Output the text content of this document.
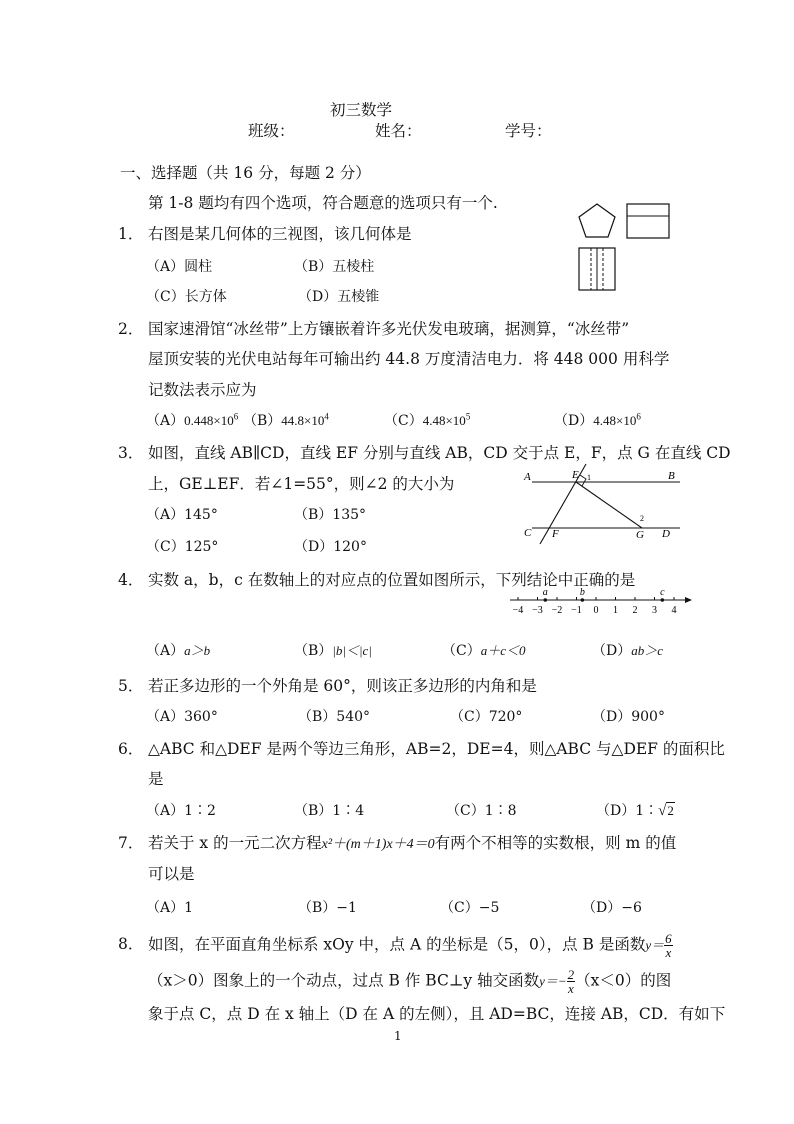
初三数学
班级：	姓名：	学号：
一、选择题（共 16 分，每题 2 分）
第 1-8 题均有四个选项，符合题意的选项只有一个.
1． 右图是某几何体的三视图，该几何体是
（A）圆柱	（B）五棱柱
（C）长方体	（D）五棱锥
2． 国家速滑馆“冰丝带”上方镶嵌着许多光伏发电玻璃，据测算，“冰丝带”
屋顶安装的光伏电站每年可输出约 44.8 万度清洁电力．将 448 000 用科学
记数法表示应为
$(A)0.448\times 10^6$ $(B)44.8\times 10^4$	$(C)4.48\times 10^5$	$(D)4.48\times 10^6$
3． 如图，直线 AB∥CD，直线 EF 分别与直线 AB，CD 交于点 E，F，点 G 在直线 CD
上，GE⊥EF．若∠1=55°，则∠2 的大小为
（A）145°	（B）135°
（C）125°	（D）120°
A	E 1	B
C F
2
G D
4． 实数 a，b，c 在数轴上的对应点的位置如图所示，下列结论中正确的是
−4 −3 −2 −1 0 1 2 3 4
a	b	c
（A）a＞b	（B）|b|＜|c|	（C）a＋c＜0	（D）ab＞c
5． 若正多边形的一个外角是 60°，则该正多边形的内角和是
（A）360°	（B）540°	（C）720°	（D）900°
6． △ABC 和△DEF 是两个等边三角形，AB=2，DE=4，则△ABC 与△DEF 的面积比
是
（A）1∶2	（B）1∶4	（C）1∶8	（D）1∶√2
7． 若关于 x 的一元二次方程x²＋(m＋1)x＋4＝0有两个不相等的实数根，则 m 的值
可以是
（A）1	（B）−1	（C）−5	（D）−6
8． 如图，在平面直角坐标系 xOy 中，点 A 的坐标是（5，0），点 B 是函数$y= \frac{6}{x}$
（x＞0）图象上的一个动点，过点 B 作 BC⊥y 轴交函数$y=- \frac{2}{x} (x<0)$的图
象于点 C，点 D 在 x 轴上（D 在 A 的左侧），且 AD=BC，连接 AB，CD．有如下
1
